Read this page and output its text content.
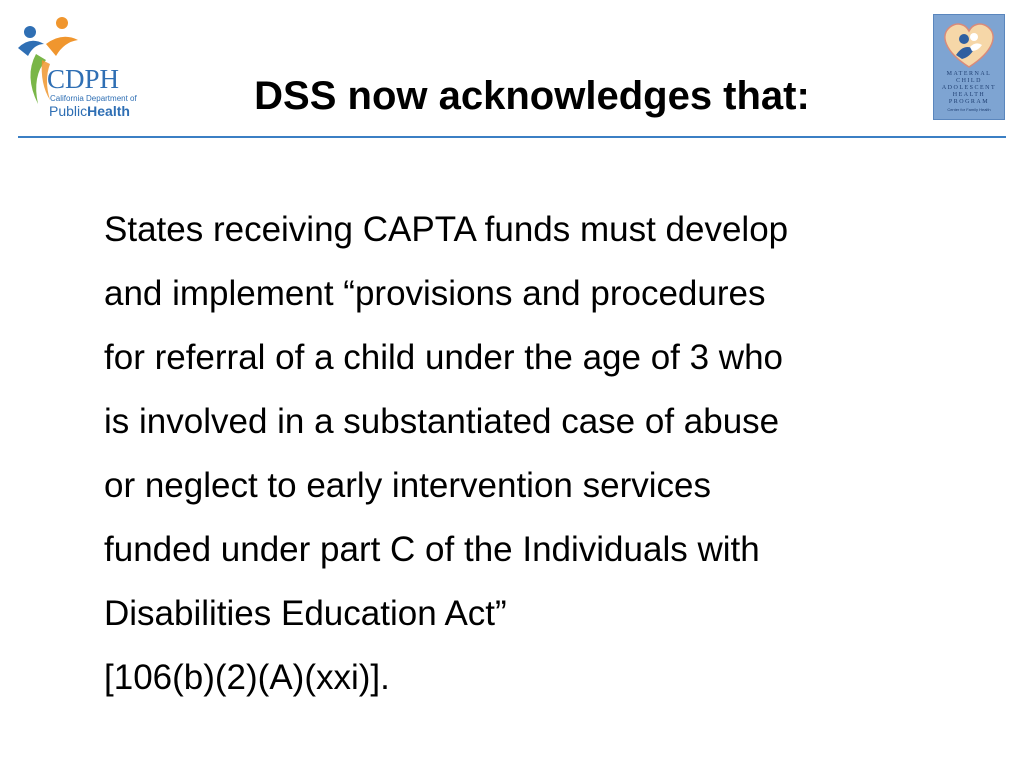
CDPH
California Department of
PublicHealth	DSS now acknowledges that:	MATERNAL
CHILD
ADOLESCENT
HEALTH
PROGRAM
Center for Family Health
States receiving CAPTA funds must develop
and implement “provisions and procedures
for referral of a child under the age of 3 who
is involved in a substantiated case of abuse
or neglect to early intervention services
funded under part C of the Individuals with
Disabilities Education Act”
[106(b)(2)(A)(xxi)].
